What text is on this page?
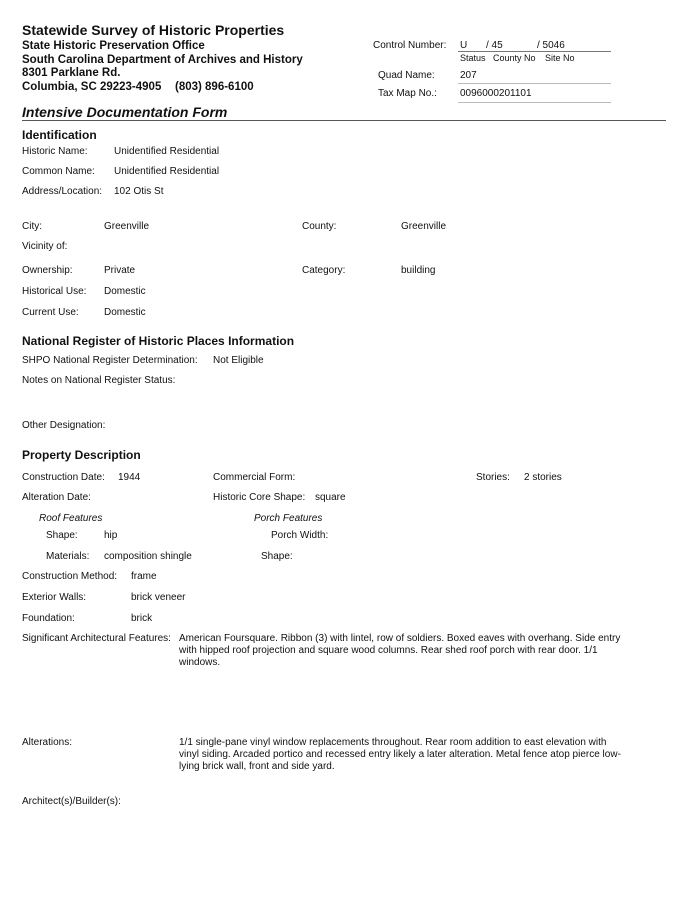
Statewide Survey of Historic Properties
State Historic Preservation Office
South Carolina Department of Archives and History
8301 Parklane Rd.
Columbia, SC 29223-4905 (803) 896-6100
Control Number: U / 45	/ 5046
Status County No Site No
Quad Name:	207
Tax Map No.: 0096000201101
Intensive Documentation Form
Identification
Historic Name:	Unidentified Residential
Common Name: Unidentified Residential
Address/Location: 102 Otis St
City:	Greenville	County:	Greenville
Vicinity of:
Ownership:	Private	Category:	building
Historical Use: Domestic
Current Use:	Domestic
National Register of Historic Places Information
SHPO National Register Determination: Not Eligible
Notes on National Register Status:
Other Designation:
Property Description
Construction Date: 1944	Commercial Form:	Stories: 2 stories
Alteration Date:	Historic Core Shape: square
Roof Features	Porch Features
Shape:	hip	Porch Width:
Materials: composition shingle	Shape:
Construction Method: frame
Exterior Walls:	brick veneer
Foundation:	brick
Significant Architectural Features: American Foursquare. Ribbon (3) with lintel, row of soldiers. Boxed eaves with overhang. Side entry with hipped roof projection and square wood columns. Rear shed roof porch with rear door. 1/1 windows.
Alterations:	1/1 single-pane vinyl window replacements throughout. Rear room addition to east elevation with vinyl siding. Arcaded portico and recessed entry likely a later alteration. Metal fence atop pierce low-lying brick wall, front and side yard.
Architect(s)/Builder(s):
